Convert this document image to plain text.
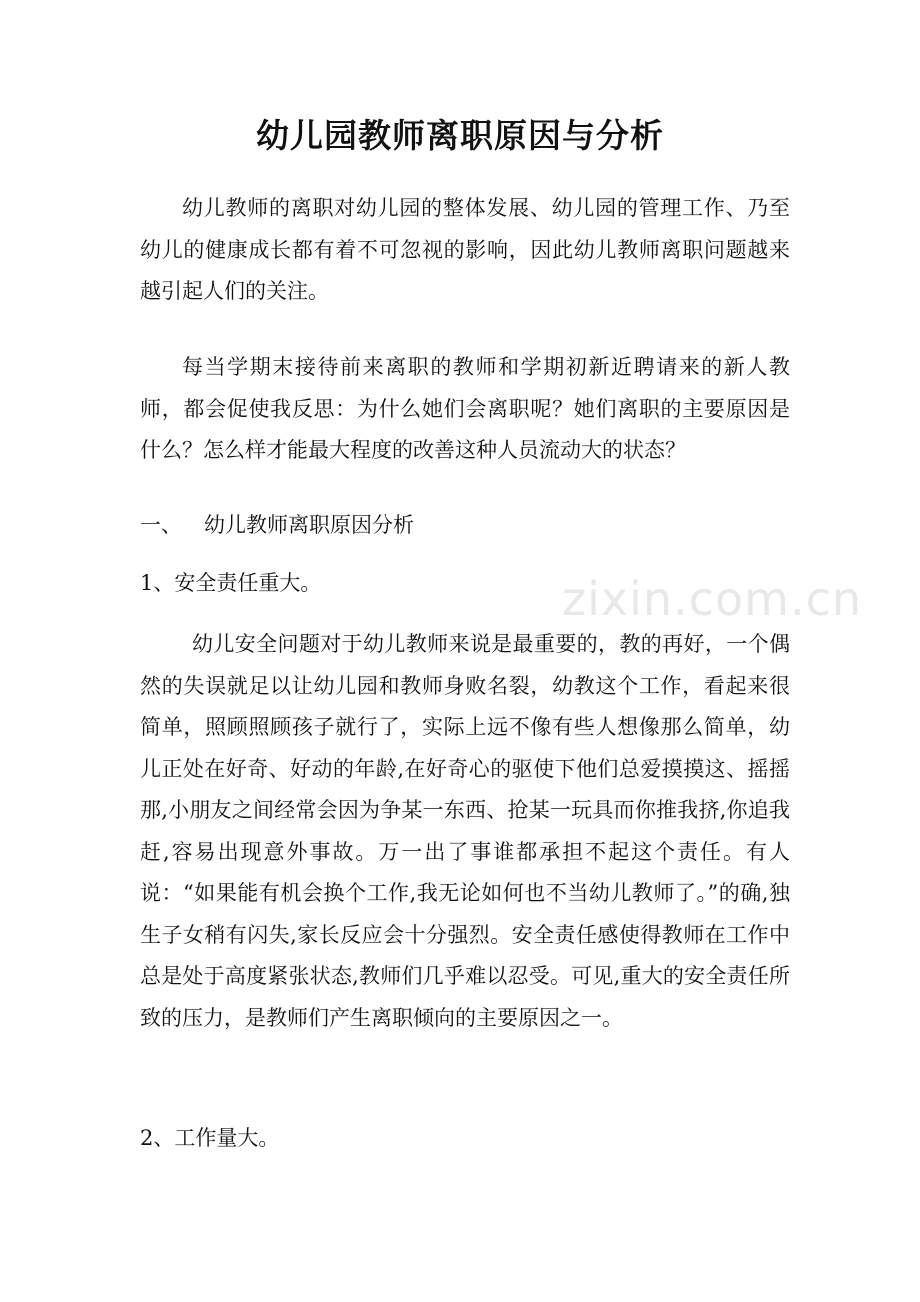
zixin.com.cn
幼儿园教师离职原因与分析

幼儿教师的离职对幼儿园的整体发展、幼儿园的管理工作、乃至幼儿的健康成长都有着不可忽视的影响，因此幼儿教师离职问题越来越引起人们的关注。

每当学期末接待前来离职的教师和学期初新近聘请来的新人教师，都会促使我反思：为什么她们会离职呢？她们离职的主要原因是什么？怎么样才能最大程度的改善这种人员流动大的状态？

一、 幼儿教师离职原因分析
1、安全责任重大。

幼儿安全问题对于幼儿教师来说是最重要的，教的再好，一个偶然的失误就足以让幼儿园和教师身败名裂，幼教这个工作，看起来很简单，照顾照顾孩子就行了，实际上远不像有些人想像那么简单，幼儿正处在好奇、好动的年龄,在好奇心的驱使下他们总爱摸摸这、摇摇那,小朋友之间经常会因为争某一东西、抢某一玩具而你推我挤,你追我赶,容易出现意外事故。万一出了事谁都承担不起这个责任。有人说：“如果能有机会换个工作,我无论如何也不当幼儿教师了。”的确,独生子女稍有闪失,家长反应会十分强烈。安全责任感使得教师在工作中总是处于高度紧张状态,教师们几乎难以忍受。可见,重大的安全责任所致的压力，是教师们产生离职倾向的主要原因之一。

2、工作量大。
